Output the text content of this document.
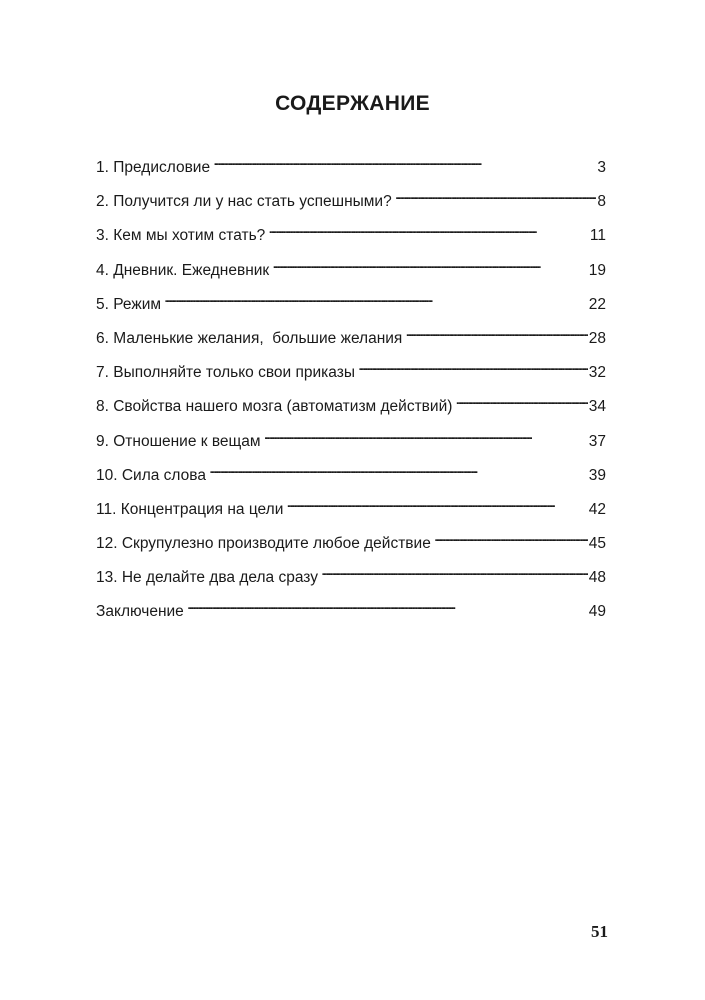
СОДЕРЖАНИЕ
1. Предисловие . . .	3
2. Получится ли у нас стать успешными? . . .	8
3. Кем мы хотим стать? . . .	11
4. Дневник. Ежедневник . . .	19
5. Режим . . .	22
6. Маленькие желания,  большие желания . . .	28
7. Выполняйте только свои приказы . . .	32
8. Свойства нашего мозга (автоматизм действий) . . .	34
9. Отношение к вещам . . .	37
10. Сила слова . . .	39
11. Концентрация на цели . . .	42
12. Скрупулезно производите любое действие . . .	45
13. Не делайте два дела сразу . . .	48
Заключение . . .	49
51
